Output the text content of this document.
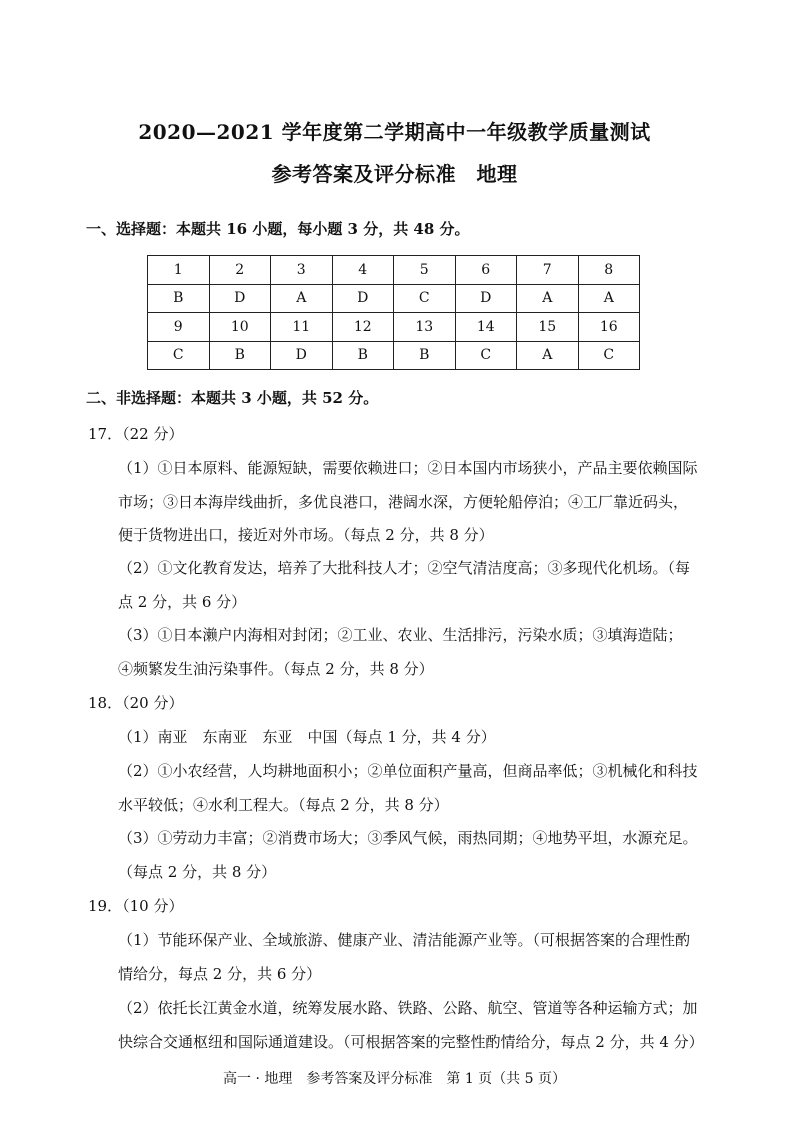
2020—2021 学年度第二学期高中一年级教学质量测试
参考答案及评分标准　地理
一、选择题：本题共 16 小题，每小题 3 分，共 48 分。
1	2	3	4	5	6	7	8
B	D	A	D	C	D	A	A
9	10	11	12	13	14	15	16
C	B	D	B	B	C	A	C
二、非选择题：本题共 3 小题，共 52 分。
17．（22 分）
（1）①日本原料、能源短缺，需要依赖进口；②日本国内市场狭小，产品主要依赖国际
市场；③日本海岸线曲折，多优良港口，港阔水深，方便轮船停泊；④工厂靠近码头，
便于货物进出口，接近对外市场。（每点 2 分，共 8 分）
（2）①文化教育发达，培养了大批科技人才；②空气清洁度高；③多现代化机场。（每
点 2 分，共 6 分）
（3）①日本濑户内海相对封闭；②工业、农业、生活排污，污染水质；③填海造陆；
④频繁发生油污染事件。（每点 2 分，共 8 分）
18．（20 分）
（1）南亚　东南亚　东亚　中国（每点 1 分，共 4 分）
（2）①小农经营，人均耕地面积小；②单位面积产量高，但商品率低；③机械化和科技
水平较低；④水利工程大。（每点 2 分，共 8 分）
（3）①劳动力丰富；②消费市场大；③季风气候，雨热同期；④地势平坦，水源充足。
（每点 2 分，共 8 分）
19．（10 分）
（1）节能环保产业、全域旅游、健康产业、清洁能源产业等。（可根据答案的合理性酌
情给分，每点 2 分，共 6 分）
（2）依托长江黄金水道，统筹发展水路、铁路、公路、航空、管道等各种运输方式；加
快综合交通枢纽和国际通道建设。（可根据答案的完整性酌情给分，每点 2 分，共 4 分）
高一 · 地理　参考答案及评分标准　第 1 页（共 5 页）
